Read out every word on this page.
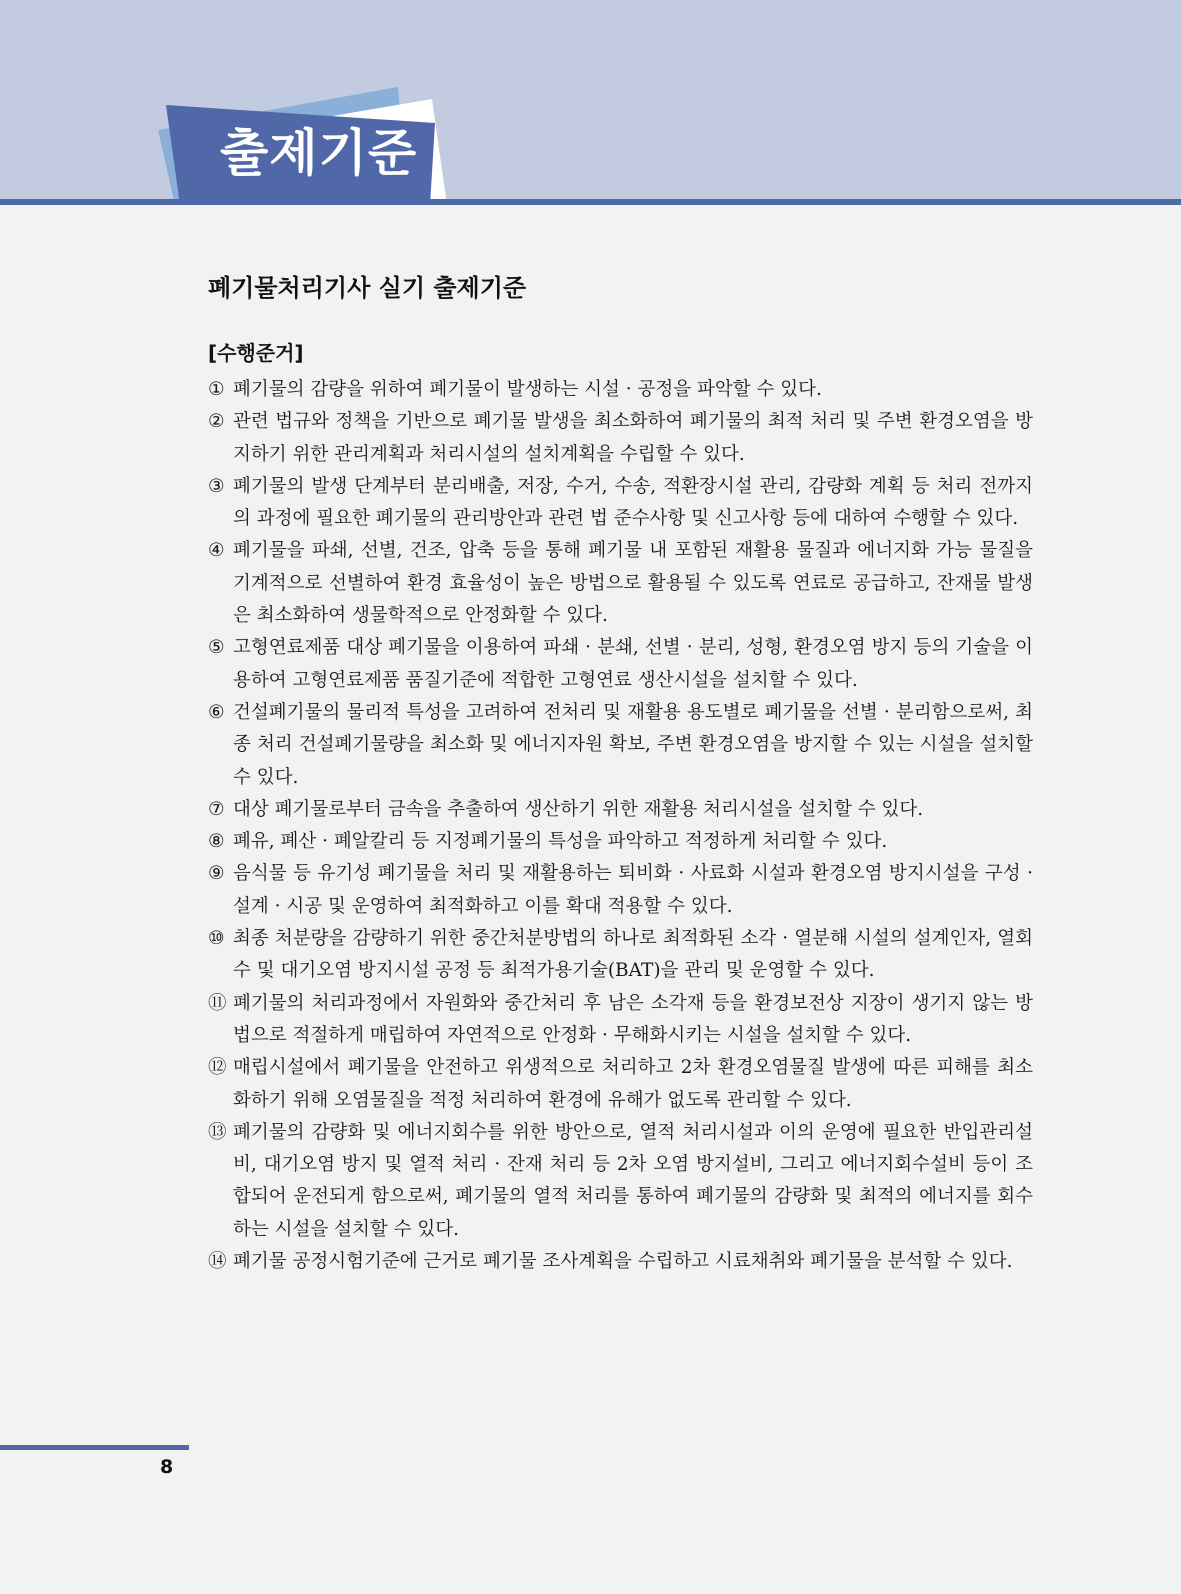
출제기준
폐기물처리기사 실기 출제기준
[수행준거]
① 폐기물의 감량을 위하여 폐기물이 발생하는 시설 · 공정을 파악할 수 있다.
② 관련 법규와 정책을 기반으로 폐기물 발생을 최소화하여 폐기물의 최적 처리 및 주변 환경오염을 방지하기 위한 관리계획과 처리시설의 설치계획을 수립할 수 있다.
③ 폐기물의 발생 단계부터 분리배출, 저장, 수거, 수송, 적환장시설 관리, 감량화 계획 등 처리 전까지의 과정에 필요한 폐기물의 관리방안과 관련 법 준수사항 및 신고사항 등에 대하여 수행할 수 있다.
④ 폐기물을 파쇄, 선별, 건조, 압축 등을 통해 폐기물 내 포함된 재활용 물질과 에너지화 가능 물질을 기계적으로 선별하여 환경 효율성이 높은 방법으로 활용될 수 있도록 연료로 공급하고, 잔재물 발생은 최소화하여 생물학적으로 안정화할 수 있다.
⑤ 고형연료제품 대상 폐기물을 이용하여 파쇄 · 분쇄, 선별 · 분리, 성형, 환경오염 방지 등의 기술을 이용하여 고형연료제품 품질기준에 적합한 고형연료 생산시설을 설치할 수 있다.
⑥ 건설폐기물의 물리적 특성을 고려하여 전처리 및 재활용 용도별로 폐기물을 선별 · 분리함으로써, 최종 처리 건설폐기물량을 최소화 및 에너지자원 확보, 주변 환경오염을 방지할 수 있는 시설을 설치할 수 있다.
⑦ 대상 폐기물로부터 금속을 추출하여 생산하기 위한 재활용 처리시설을 설치할 수 있다.
⑧ 폐유, 폐산 · 폐알칼리 등 지정폐기물의 특성을 파악하고 적정하게 처리할 수 있다.
⑨ 음식물 등 유기성 폐기물을 처리 및 재활용하는 퇴비화 · 사료화 시설과 환경오염 방지시설을 구성 · 설계 · 시공 및 운영하여 최적화하고 이를 확대 적용할 수 있다.
⑩ 최종 처분량을 감량하기 위한 중간처분방법의 하나로 최적화된 소각 · 열분해 시설의 설계인자, 열회수 및 대기오염 방지시설 공정 등 최적가용기술(BAT)을 관리 및 운영할 수 있다.
⑪ 폐기물의 처리과정에서 자원화와 중간처리 후 남은 소각재 등을 환경보전상 지장이 생기지 않는 방법으로 적절하게 매립하여 자연적으로 안정화 · 무해화시키는 시설을 설치할 수 있다.
⑫ 매립시설에서 폐기물을 안전하고 위생적으로 처리하고 2차 환경오염물질 발생에 따른 피해를 최소화하기 위해 오염물질을 적정 처리하여 환경에 유해가 없도록 관리할 수 있다.
⑬ 폐기물의 감량화 및 에너지회수를 위한 방안으로, 열적 처리시설과 이의 운영에 필요한 반입관리설비, 대기오염 방지 및 열적 처리 · 잔재 처리 등 2차 오염 방지설비, 그리고 에너지회수설비 등이 조합되어 운전되게 함으로써, 폐기물의 열적 처리를 통하여 폐기물의 감량화 및 최적의 에너지를 회수하는 시설을 설치할 수 있다.
⑭ 폐기물 공정시험기준에 근거로 폐기물 조사계획을 수립하고 시료채취와 폐기물을 분석할 수 있다.
8
